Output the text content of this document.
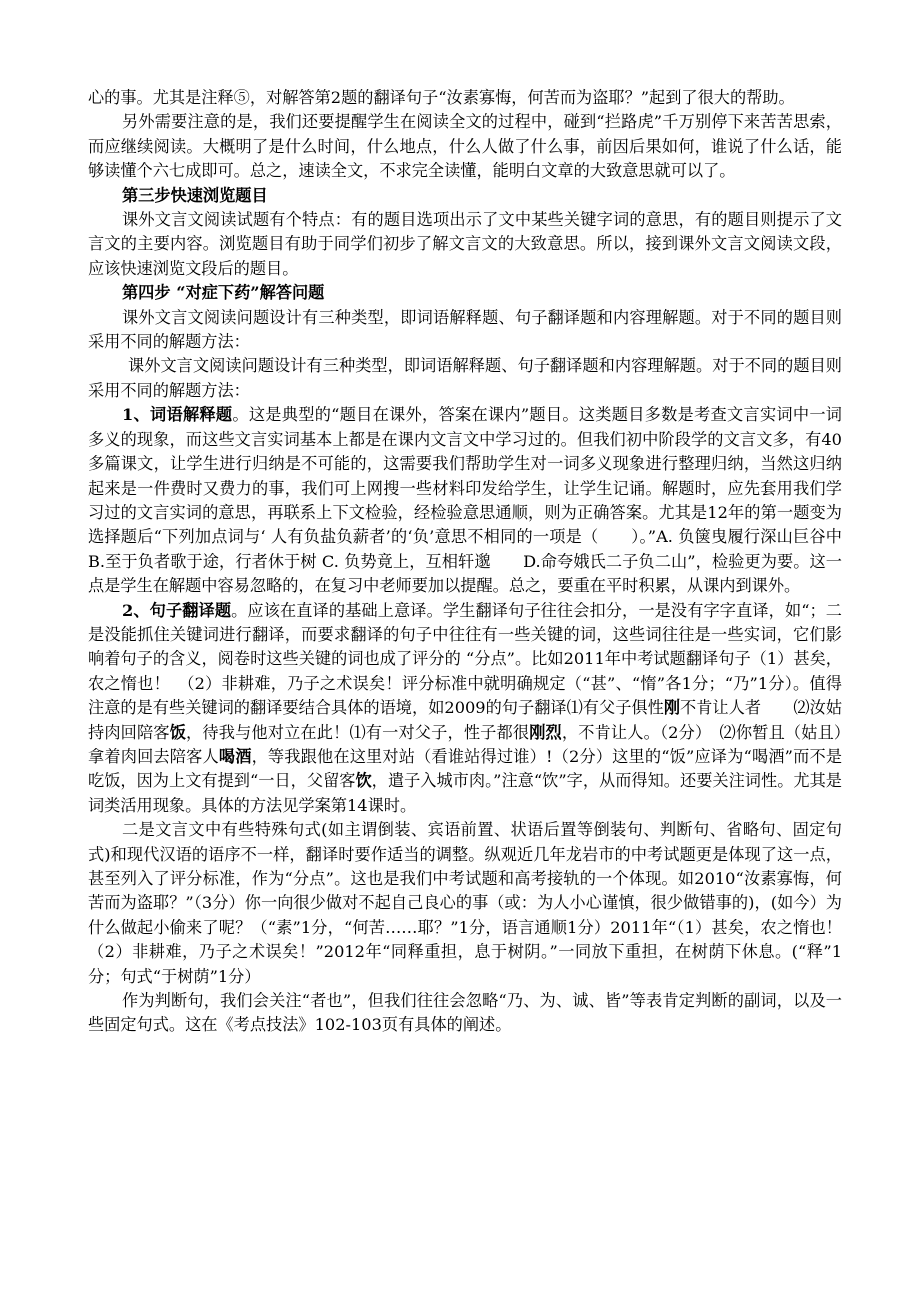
心的事。尤其是注释⑤，对解答第2题的翻译句子“汝素寡悔，何苦而为盗耶？”起到了很大的帮助。

另外需要注意的是，我们还要提醒学生在阅读全文的过程中，碰到“拦路虎”千万别停下来苦苦思索，而应继续阅读。大概明了是什么时间，什么地点，什么人做了什么事，前因后果如何，谁说了什么话，能够读懂个六七成即可。总之，速读全文，不求完全读懂，能明白文章的大致意思就可以了。

第三步快速浏览题目

课外文言文阅读试题有个特点：有的题目选项出示了文中某些关键字词的意思，有的题目则提示了文言文的主要内容。浏览题目有助于同学们初步了解文言文的大致意思。所以，接到课外文言文阅读文段，应该快速浏览文段后的题目。

第四步 “对症下药”解答问题

课外文言文阅读问题设计有三种类型，即词语解释题、句子翻译题和内容理解题。对于不同的题目则采用不同的解题方法：

课外文言文阅读问题设计有三种类型，即词语解释题、句子翻译题和内容理解题。对于不同的题目则采用不同的解题方法：

1、词语解释题。这是典型的“题目在课外，答案在课内”题目。这类题目多数是考查文言实词中一词多义的现象，而这些文言实词基本上都是在课内文言文中学习过的。但我们初中阶段学的文言文多，有40多篇课文，让学生进行归纳是不可能的，这需要我们帮助学生对一词多义现象进行整理归纳，当然这归纳起来是一件费时又费力的事，我们可上网搜一些材料印发给学生，让学生记诵。解题时，应先套用我们学习过的文言实词的意思，再联系上下文检验，经检验意思通顺，则为正确答案。尤其是12年的第一题变为选择题后“下列加点词与‘ 人有负盐负薪者’的‘负’意思不相同的一项是（　　）。”A. 负箧曳履行深山巨谷中 B.至于负者歌于途，行者休于树 C. 负势竟上，互相轩邈　　D.命夸娥氏二子负二山”，检验更为要。这一点是学生在解题中容易忽略的，在复习中老师要加以提醒。总之，要重在平时积累，从课内到课外。

2、句子翻译题。应该在直译的基础上意译。学生翻译句子往往会扣分，一是没有字字直译，如“；二是没能抓住关键词进行翻译，而要求翻译的句子中往往有一些关键的词，这些词往往是一些实词，它们影响着句子的含义，阅卷时这些关键的词也成了评分的 “分点”。比如2011年中考试题翻译句子（1）甚矣，农之惰也！　（2）非耕难，乃子之术误矣！评分标准中就明确规定（“甚”、“惰”各1分；“乃”1分）。值得注意的是有些关键词的翻译要结合具体的语境，如2009的句子翻译⑴有父子俱性刚不肯让人者　　⑵汝姑持肉回陪客饭，待我与他对立在此！⑴有一对父子，性子都很刚烈，不肯让人。（2分）　⑵你暂且（姑且）拿着肉回去陪客人喝酒，等我跟他在这里对站（看谁站得过谁）!（2分）这里的“饭”应译为“喝酒”而不是吃饭，因为上文有提到“一日，父留客饮，遣子入城市肉。”注意“饮”字，从而得知。还要关注词性。尤其是词类活用现象。具体的方法见学案第14课时。

二是文言文中有些特殊句式(如主谓倒装、宾语前置、状语后置等倒装句、判断句、省略句、固定句式)和现代汉语的语序不一样，翻译时要作适当的调整。纵观近几年龙岩市的中考试题更是体现了这一点，甚至列入了评分标准，作为“分点”。这也是我们中考试题和高考接轨的一个体现。如2010“汝素寡悔，何苦而为盗耶？”（3分）你一向很少做对不起自己良心的事（或：为人小心谨慎，很少做错事的)，(如今）为什么做起小偷来了呢？（“素”1分，“何苦……耶？”1分，语言通顺1分）2011年“（1）甚矣，农之惰也！（2）非耕难，乃子之术误矣！”2012年“同释重担，息于树阴。”一同放下重担，在树荫下休息。(“释”1分；句式“于树荫”1分）

作为判断句，我们会关注“者也”，但我们往往会忽略“乃、为、诚、皆”等表肯定判断的副词，以及一些固定句式。这在《考点技法》102-103页有具体的阐述。
